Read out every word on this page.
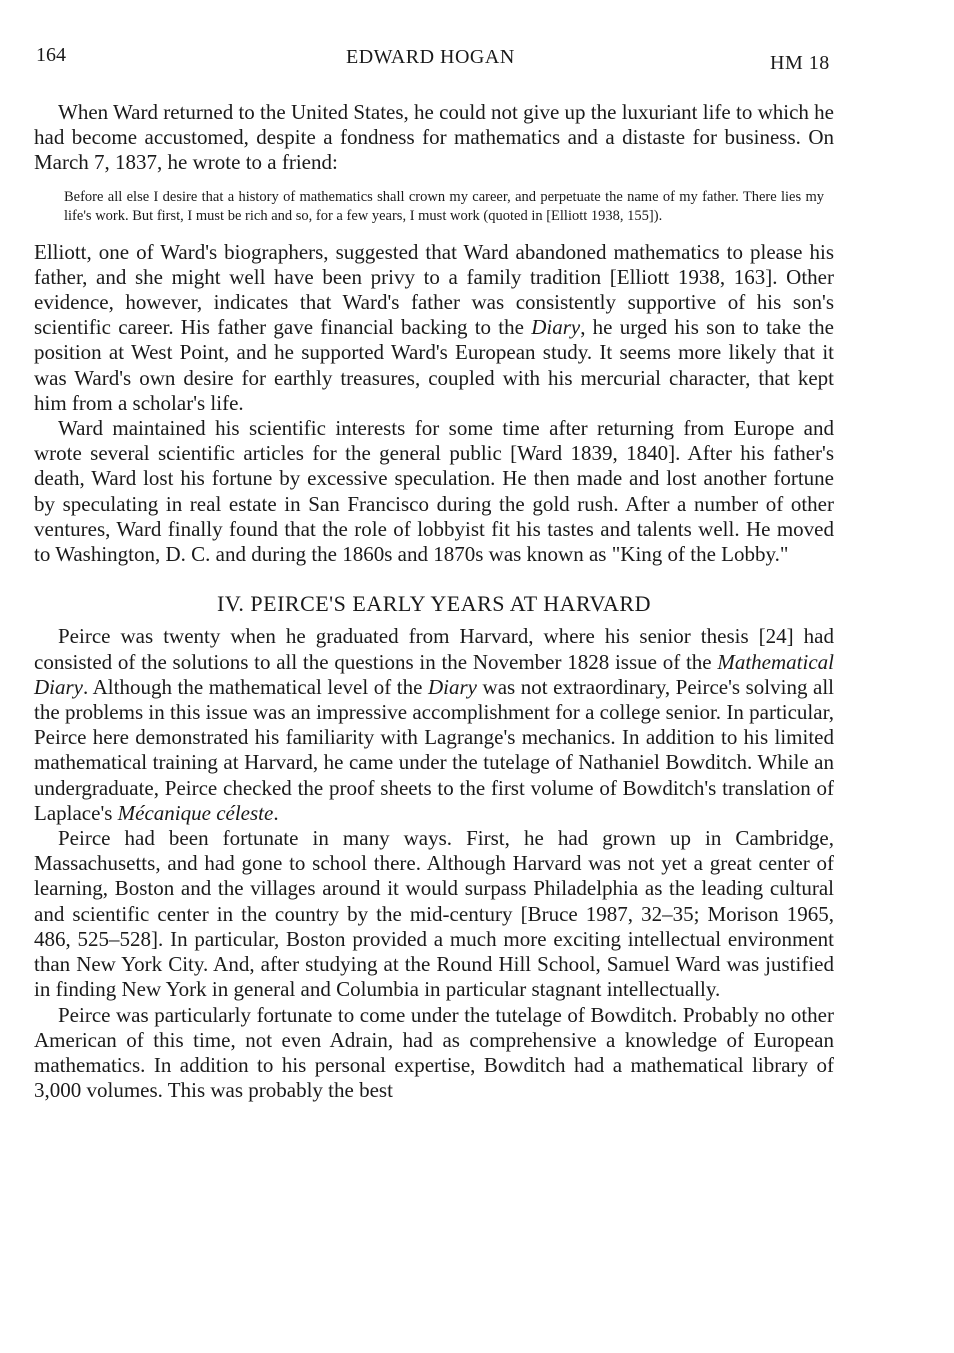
164	EDWARD HOGAN	HM 18

When Ward returned to the United States, he could not give up the luxuriant life to which he had become accustomed, despite a fondness for mathematics and a distaste for business. On March 7, 1837, he wrote to a friend:

Before all else I desire that a history of mathematics shall crown my career, and perpetuate the name of my father. There lies my life's work. But first, I must be rich and so, for a few years, I must work (quoted in [Elliott 1938, 155]).

Elliott, one of Ward's biographers, suggested that Ward abandoned mathematics to please his father, and she might well have been privy to a family tradition [Elliott 1938, 163]. Other evidence, however, indicates that Ward's father was consistently supportive of his son's scientific career. His father gave financial backing to the Diary, he urged his son to take the position at West Point, and he supported Ward's European study. It seems more likely that it was Ward's own desire for earthly treasures, coupled with his mercurial character, that kept him from a scholar's life.

Ward maintained his scientific interests for some time after returning from Europe and wrote several scientific articles for the general public [Ward 1839, 1840]. After his father's death, Ward lost his fortune by excessive speculation. He then made and lost another fortune by speculating in real estate in San Francisco during the gold rush. After a number of other ventures, Ward finally found that the role of lobbyist fit his tastes and talents well. He moved to Washington, D. C. and during the 1860s and 1870s was known as "King of the Lobby."

IV. PEIRCE'S EARLY YEARS AT HARVARD

Peirce was twenty when he graduated from Harvard, where his senior thesis [24] had consisted of the solutions to all the questions in the November 1828 issue of the Mathematical Diary. Although the mathematical level of the Diary was not extraordinary, Peirce's solving all the problems in this issue was an impressive accomplishment for a college senior. In particular, Peirce here demonstrated his familiarity with Lagrange's mechanics. In addition to his limited mathematical training at Harvard, he came under the tutelage of Nathaniel Bowditch. While an undergraduate, Peirce checked the proof sheets to the first volume of Bowditch's translation of Laplace's Mécanique céleste.

Peirce had been fortunate in many ways. First, he had grown up in Cambridge, Massachusetts, and had gone to school there. Although Harvard was not yet a great center of learning, Boston and the villages around it would surpass Philadelphia as the leading cultural and scientific center in the country by the mid-century [Bruce 1987, 32–35; Morison 1965, 486, 525–528]. In particular, Boston provided a much more exciting intellectual environment than New York City. And, after studying at the Round Hill School, Samuel Ward was justified in finding New York in general and Columbia in particular stagnant intellectually.

Peirce was particularly fortunate to come under the tutelage of Bowditch. Probably no other American of this time, not even Adrain, had as comprehensive a knowledge of European mathematics. In addition to his personal expertise, Bowditch had a mathematical library of 3,000 volumes. This was probably the best
